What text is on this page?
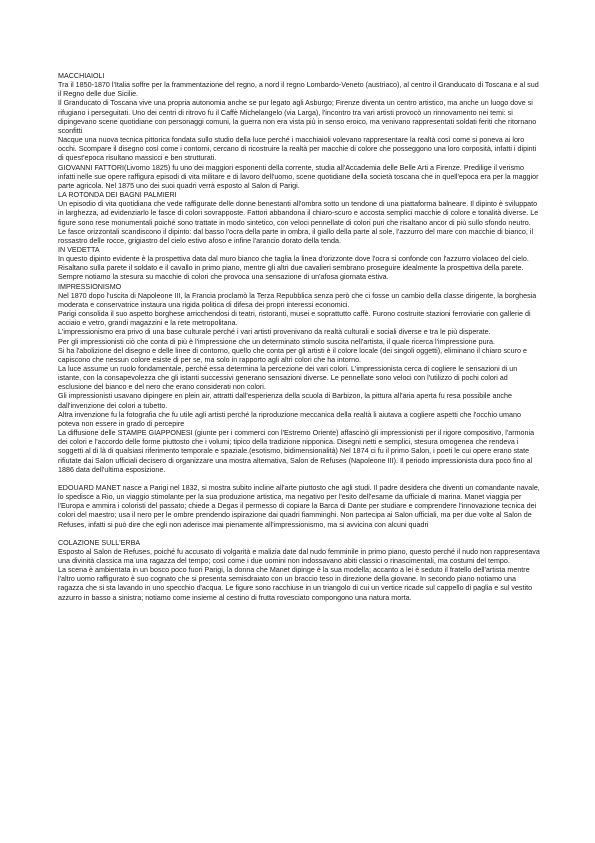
MACCHIAIOLI

Tra il 1850-1870 l'Italia soffre per la frammentazione del regno, a nord il regno Lombardo-Veneto (austriaco), al centro il Granducato di Toscana e al sud il Regno delle due Sicilie.

Il Granducato di Toscana vive una propria autonomia anche se pur legato agli Asburgo; Firenze diventa un centro artistico, ma anche un luogo dove si rifugiano i perseguitati. Uno dei centri di ritrovo fu il Caffè Michelangelo (via Larga), l'incontro tra vari artisti provocò un rinnovamento nei temi: si dipingevano scene quotidiane con personaggi comuni, la guerra non era vista più in senso eroico, ma venivano rappresentati soldati feriti che ritornano sconfitti

Nacque una nuova tecnica pittorica fondata sullo studio della luce perché i macchiaioli volevano rappresentare la realtà così come si poneva ai loro occhi. Scompare il disegno così come i contorni, cercano di ricostruire la realtà per macchie di colore che posseggono una loro corposità, infatti i dipinti di quest'epoca risultano massicci e ben strutturati.

GIOVANNI FATTORI(Livorno 1825) fu uno dei maggiori esponenti della corrente, studia all'Accademia delle Belle Arti a Firenze. Predilige il verismo infatti nelle sue opere raffigura episodi di vita militare e di lavoro dell'uomo, scene quotidiane della società toscana che in quell'epoca era per la maggior parte agricola. Nel 1875 uno dei suoi quadri verrà esposto al Salon di Parigi.

LA ROTONDA DEI BAGNI PALMIERI

Un episodio di vita quotidiana che vede raffigurate delle donne benestanti all'ombra sotto un tendone di una piattaforma balneare. Il dipinto è sviluppato in larghezza, ad evidenziarlo le fasce di colori sovrapposte. Fattori abbandona il chiaro-scuro e accosta semplici macchie di colore e tonalità diverse. Le figure sono rese monumentali poiché sono trattate in modo sintetico, con veloci pennellate di colori puri che risaltano ancor di più sullo sfondo neutro. Le fasce orizzontali scandiscono il dipinto: dal basso l'ocra della parte in ombra, il giallo della parte al sole, l'azzurro del mare con macchie di bianco, il rossastro delle rocce, grigiastro del cielo estivo afoso e infine l'arancio dorato della tenda.

IN VEDETTA

In questo dipinto evidente è la prospettiva data dal muro bianco che taglia la linea d'orizzonte dove l'ocra si confonde con l'azzurro violaceo del cielo. Risaltano sulla parete il soldato e il cavallo in primo piano, mentre gli altri due cavalieri sembrano proseguire idealmente la prospettiva della parete. Sempre notiamo la stesura su macchie di colori che provoca una sensazione di un'afosa giornata estiva.

IMPRESSIONISMO

Nel 1870 dopo l'uscita di Napoleone III, la Francia proclamò la Terza Repubblica senza però che ci fosse un cambio della classe dirigente, la borghesia moderata e conservatrice instaura una rigida politica di difesa dei propri interessi economici.

Parigi consolida il suo aspetto borghese arricchendosi di teatri, ristoranti, musei e soprattutto caffè. Furono costruite stazioni ferroviarie con gallerie di acciaio e vetro, grandi magazzini e la rete metropolitana.

L'impressionismo era privo di una base culturale perché i vari artisti provenivano da realtà culturali e sociali diverse e tra le più disperate.

Per gli impressionisti ciò che conta di più è l'impressione che un determinato stimolo suscita nell'artista, il quale ricerca l'impressione pura.

Si ha l'abolizione del disegno e delle linee di contorno, quello che conta per gli artisti è il colore locale (dei singoli oggetti), eliminano il chiaro scuro e capiscono che nessun colore esiste di per se, ma solo in rapporto agli altri colori che ha intorno.

La luce assume un ruolo fondamentale, perché essa determina la percezione dei vari colori. L'impressionista cerca di cogliere le sensazioni di un istante, con la consapevolezza che gli istanti successivi generano sensazioni diverse. Le pennellate sono veloci con l'utilizzo di pochi colori ad esclusione del bianco e del nero che erano considerati non colori.

Gli impressionisti usavano dipingere en plein air, attratti dall'esperienza della scuola di Barbizon, la pittura all'aria aperta fu resa possibile anche dall'invenzione dei colori a tubetto.

Altra invenzione fu la fotografia che fu utile agli artisti perché la riproduzione meccanica della realtà li aiutava a cogliere aspetti che l'occhio umano poteva non essere in grado di percepire

La diffusione delle STAMPE GIAPPONESI (giunte per i commerci con l'Estremo Oriente) affascinò gli impressionisti per il rigore compositivo, l'armonia dei colori e l'accordo delle forme piuttosto che i volumi; tipico della tradizione nipponica. Disegni netti e semplici, stesura omogenea che rendeva i soggetti al di là di qualsiasi riferimento temporale e spaziale.(esotismo, bidimensionalità) Nel 1874 ci fu il primo Salon, i poeti le cui opere erano state rifiutate dai Salon ufficiali decisero di organizzare una mostra alternativa, Salon de Refuses (Napoleone III). Il periodo impressionista dura poco fino al 1886 data dell'ultima esposizione.

EDOUARD MANET nasce a Parigi nel 1832, si mostra subito incline all'arte piuttosto che agli studi. Il padre desidera che diventi un comandante navale, lo spedisce a Rio, un viaggio stimolante per la sua produzione artistica, ma negativo per l'esito dell'esame da ufficiale di marina. Manet viaggia per l'Europa e ammira i coloristi del passato; chiede a Degas il permesso di copiare la Barca di Dante per studiare e comprendere l'innovazione tecnica dei colori del maestro; usa il nero per le ombre prendendo ispirazione dai quadri fiamminghi. Non partecipa ai Salon ufficiali, ma per due volte al Salon de Refuses, infatti si può dire che egli non aderisce mai pienamente all'impressionismo, ma si avvicina con alcuni quadri

COLAZIONE SULL'ERBA

Esposto al Salon de Refuses, poiché fu accusato di volgarità e malizia date dal nudo femminile in primo piano, questo perché il nudo non rappresentava una divinità classica ma una ragazza del tempo; così come i due uomini non indossavano abiti classici o rinascimentali, ma costumi del tempo.

La scena è ambientata in un bosco poco fuori Parigi, la donna che Manet dipinge è la sua modella; accanto a lei è seduto il fratello dell'artista mentre l'altro uomo raffigurato è suo cognato che si presenta semisdraiato con un braccio teso in direzione della giovane. In secondo piano notiamo una ragazza che si sta lavando in uno specchio d'acqua. Le figure sono racchiuse in un triangolo di cui un vertice ricade sul cappello di paglia e sul vestito azzurro in basso a sinistra; notiamo come insieme al cestino di frutta rovesciato compongono una natura morta.
